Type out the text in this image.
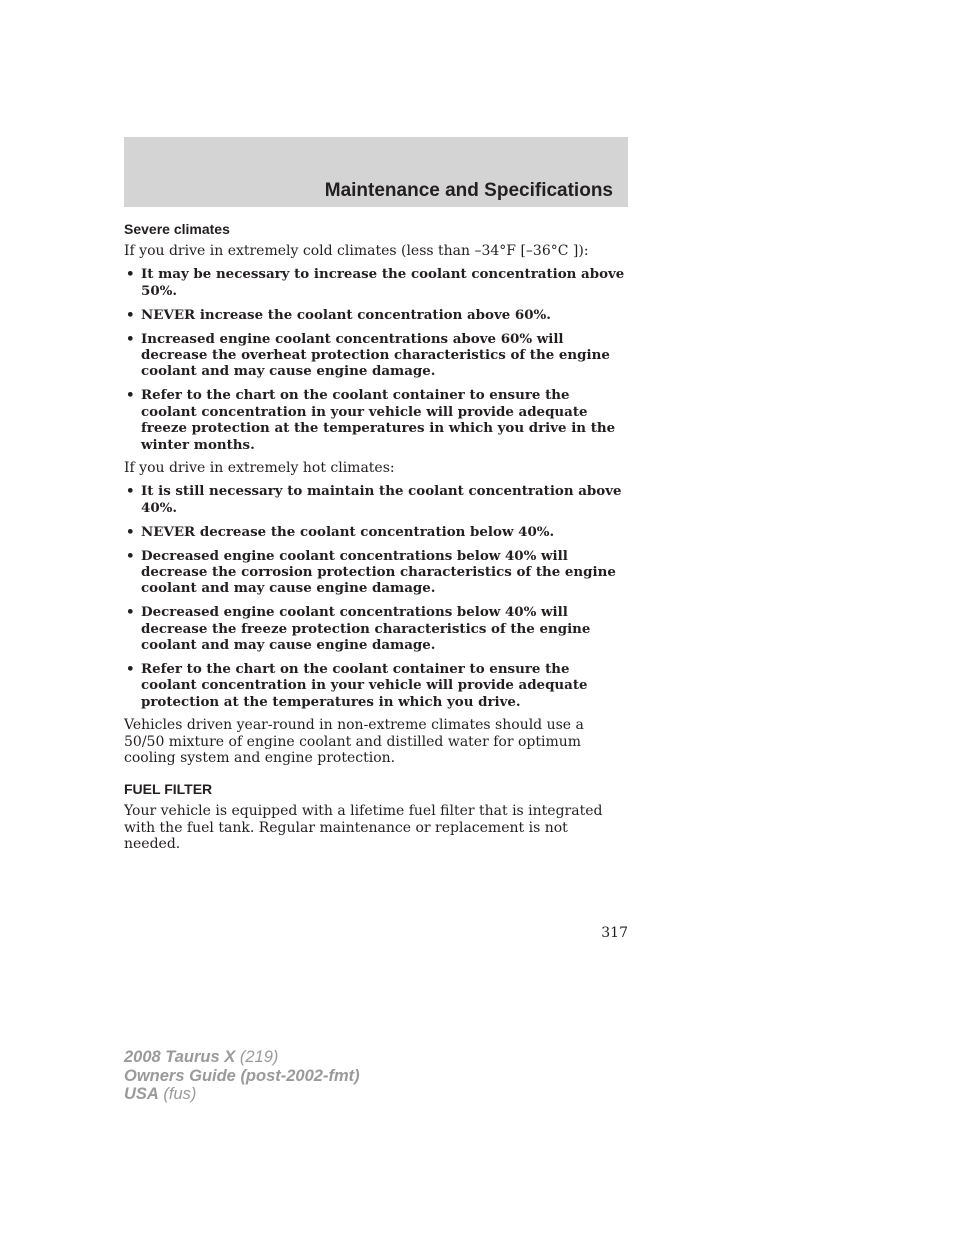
Maintenance and Specifications
Severe climates

If you drive in extremely cold climates (less than –34°F [–36°C ]):

• It may be necessary to increase the coolant concentration above 50%.
• NEVER increase the coolant concentration above 60%.
• Increased engine coolant concentrations above 60% will decrease the overheat protection characteristics of the engine coolant and may cause engine damage.
• Refer to the chart on the coolant container to ensure the coolant concentration in your vehicle will provide adequate freeze protection at the temperatures in which you drive in the winter months.

If you drive in extremely hot climates:

• It is still necessary to maintain the coolant concentration above 40%.
• NEVER decrease the coolant concentration below 40%.
• Decreased engine coolant concentrations below 40% will decrease the corrosion protection characteristics of the engine coolant and may cause engine damage.
• Decreased engine coolant concentrations below 40% will decrease the freeze protection characteristics of the engine coolant and may cause engine damage.
• Refer to the chart on the coolant container to ensure the coolant concentration in your vehicle will provide adequate protection at the temperatures in which you drive.

Vehicles driven year-round in non-extreme climates should use a 50/50 mixture of engine coolant and distilled water for optimum cooling system and engine protection.

FUEL FILTER

Your vehicle is equipped with a lifetime fuel filter that is integrated with the fuel tank. Regular maintenance or replacement is not needed.

317
2008 Taurus X (219)
Owners Guide (post-2002-fmt)
USA (fus)
